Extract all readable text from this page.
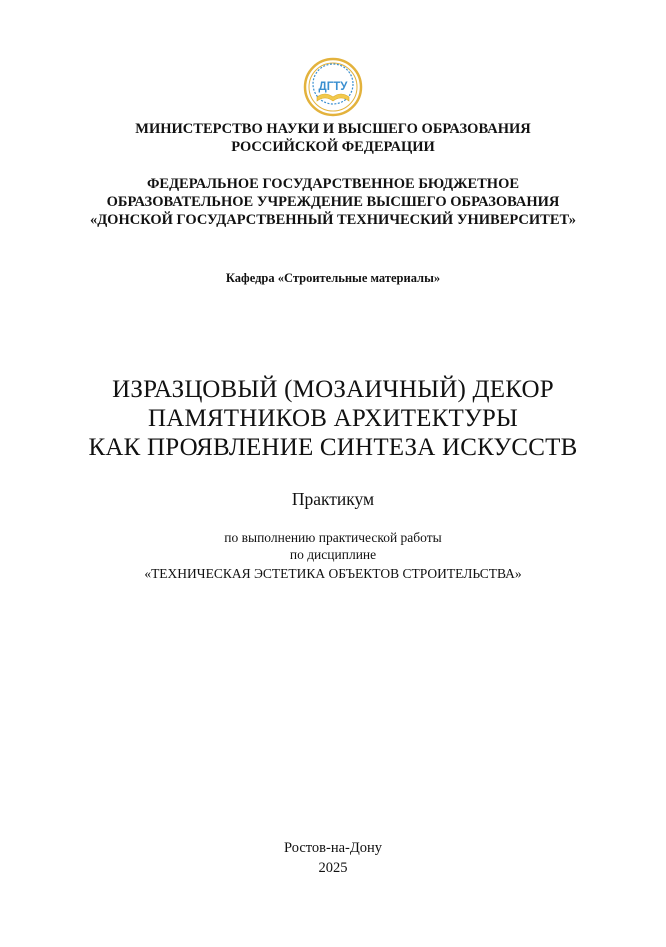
ДГТУ
МИНИСТЕРСТВО НАУКИ И ВЫСШЕГО ОБРАЗОВАНИЯ
РОССИЙСКОЙ ФЕДЕРАЦИИ
ФЕДЕРАЛЬНОЕ ГОСУДАРСТВЕННОЕ БЮДЖЕТНОЕ
ОБРАЗОВАТЕЛЬНОЕ УЧРЕЖДЕНИЕ ВЫСШЕГО ОБРАЗОВАНИЯ
«ДОНСКОЙ ГОСУДАРСТВЕННЫЙ ТЕХНИЧЕСКИЙ УНИВЕРСИТЕТ»
Кафедра «Строительные материалы»
ИЗРАЗЦОВЫЙ (МОЗАИЧНЫЙ) ДЕКОР
ПАМЯТНИКОВ АРХИТЕКТУРЫ
КАК ПРОЯВЛЕНИЕ СИНТЕЗА ИСКУССТВ
Практикум
по выполнению практической работы
по дисциплине
«ТЕХНИЧЕСКАЯ ЭСТЕТИКА ОБЪЕКТОВ СТРОИТЕЛЬСТВА»
Ростов-на-Дону
2025
